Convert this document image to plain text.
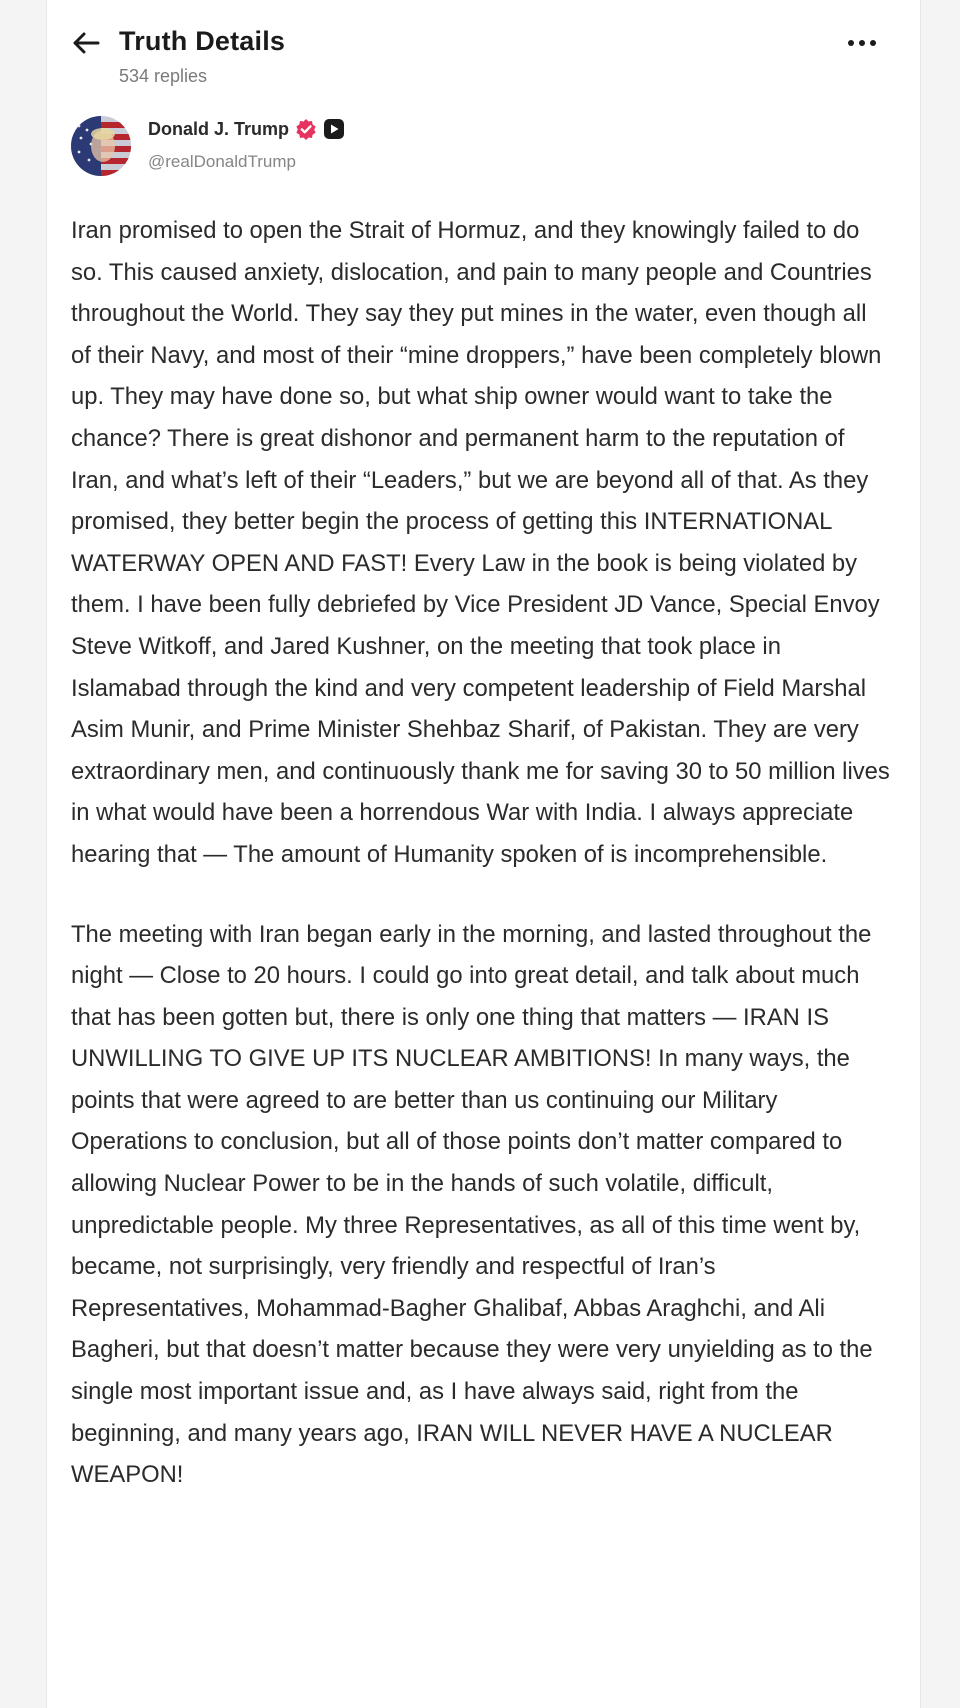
Truth Details
534 replies
Donald J. Trump
@realDonaldTrump

Iran promised to open the Strait of Hormuz, and they knowingly failed to do so. This caused anxiety, dislocation, and pain to many people and Countries throughout the World. They say they put mines in the water, even though all of their Navy, and most of their “mine droppers,” have been completely blown up. They may have done so, but what ship owner would want to take the chance? There is great dishonor and permanent harm to the reputation of Iran, and what’s left of their “Leaders,” but we are beyond all of that. As they promised, they better begin the process of getting this INTERNATIONAL WATERWAY OPEN AND FAST! Every Law in the book is being violated by them. I have been fully debriefed by Vice President JD Vance, Special Envoy Steve Witkoff, and Jared Kushner, on the meeting that took place in Islamabad through the kind and very competent leadership of Field Marshal Asim Munir, and Prime Minister Shehbaz Sharif, of Pakistan. They are very extraordinary men, and continuously thank me for saving 30 to 50 million lives in what would have been a horrendous War with India. I always appreciate hearing that — The amount of Humanity spoken of is incomprehensible.

The meeting with Iran began early in the morning, and lasted throughout the night — Close to 20 hours. I could go into great detail, and talk about much that has been gotten but, there is only one thing that matters — IRAN IS UNWILLING TO GIVE UP ITS NUCLEAR AMBITIONS! In many ways, the points that were agreed to are better than us continuing our Military Operations to conclusion, but all of those points don’t matter compared to allowing Nuclear Power to be in the hands of such volatile, difficult, unpredictable people. My three Representatives, as all of this time went by, became, not surprisingly, very friendly and respectful of Iran’s Representatives, Mohammad-Bagher Ghalibaf, Abbas Araghchi, and Ali Bagheri, but that doesn’t matter because they were very unyielding as to the single most important issue and, as I have always said, right from the beginning, and many years ago, IRAN WILL NEVER HAVE A NUCLEAR WEAPON!
